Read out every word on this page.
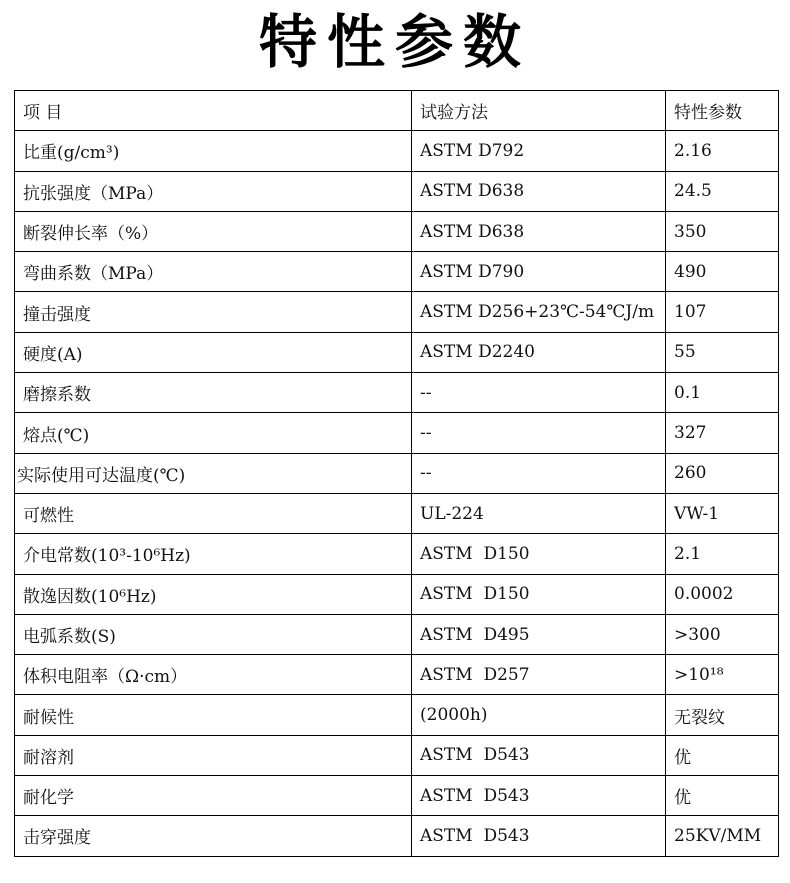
特性参数
项 目	试验方法	特性参数
比重(g/cm³)	ASTM D792	2.16
抗张强度（MPa）	ASTM D638	24.5
断裂伸长率（%）	ASTM D638	350
弯曲系数（MPa）	ASTM D790	490
撞击强度	ASTM D256+23℃-54℃J/m	107
硬度(A)	ASTM D2240	55
磨擦系数	--	0.1
熔点(℃)	--	327
实际使用可达温度(℃)	--	260
可燃性	UL-224	VW-1
介电常数(10³-10⁶Hz)	ASTM  D150	2.1
散逸因数(10⁶Hz)	ASTM  D150	0.0002
电弧系数(S)	ASTM  D495	>300
体积电阻率（Ω·cm）	ASTM  D257	>10¹⁸
耐候性	(2000h)	无裂纹
耐溶剂	ASTM  D543	优
耐化学	ASTM  D543	优
击穿强度	ASTM  D543	25KV/MM
